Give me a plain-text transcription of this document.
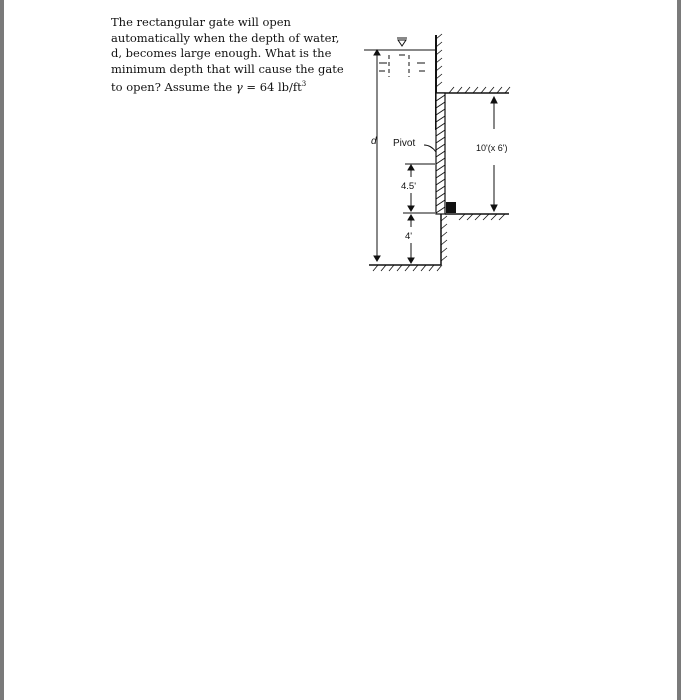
The rectangular gate will open
automatically when the depth of water,
d, becomes large enough. What is the
minimum depth that will cause the gate
to open? Assume the γ = 64 $lb/ft^3$
d Pivot	10'(x 6')
4.5'
4'
